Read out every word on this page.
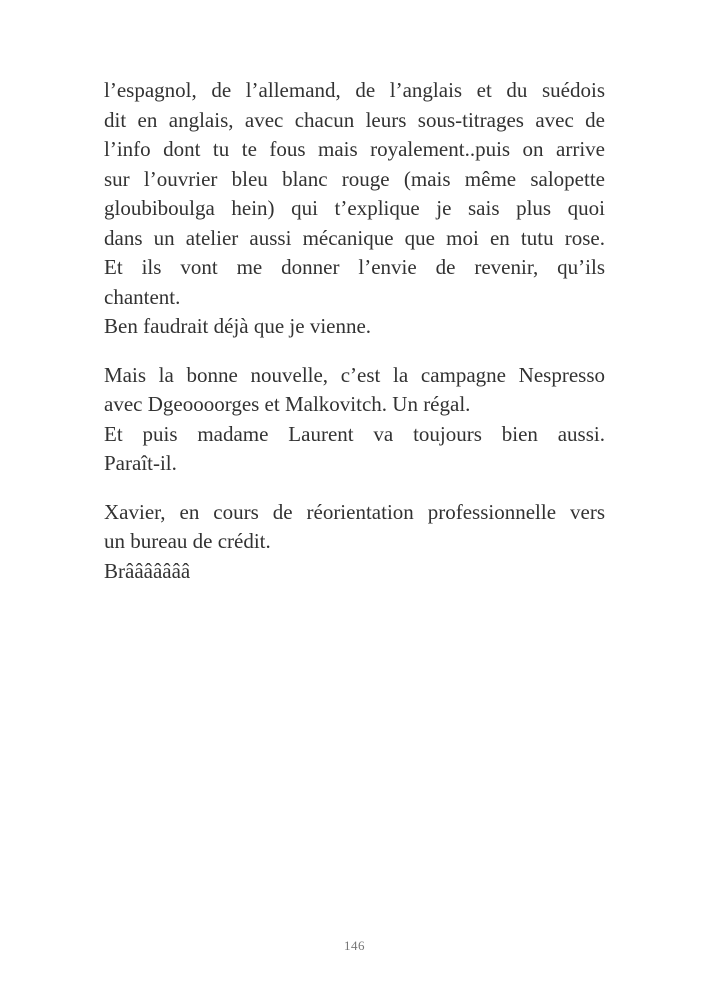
l’espagnol, de l’allemand, de l’anglais et du suédois
dit en anglais, avec chacun leurs sous-titrages avec de
l’info dont tu te fous mais royalement..puis on arrive
sur l’ouvrier bleu blanc rouge (mais même salopette
gloubiboulga hein) qui t’explique je sais plus quoi
dans un atelier aussi mécanique que moi en tutu rose.
Et ils vont me donner l’envie de revenir, qu’ils
chantent.
Ben faudrait déjà que je vienne.
Mais la bonne nouvelle, c’est la campagne Nespresso
avec Dgeoooorges et Malkovitch. Un régal.
Et puis madame Laurent va toujours bien aussi.
Paraît-il.
Xavier, en cours de réorientation professionnelle vers
un bureau de crédit.
Brâââââââ
146
